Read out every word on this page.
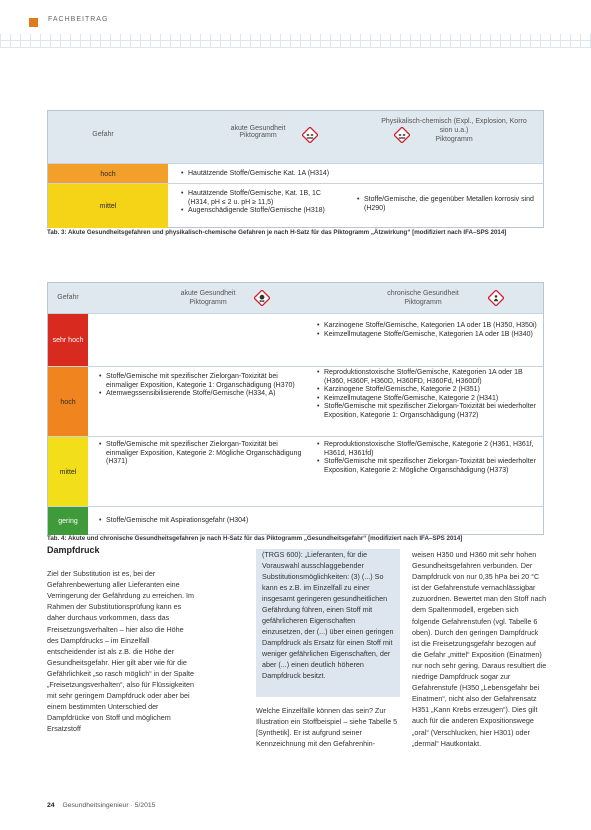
FACHBEITRAG
Gefahr
akute Gesundheit
Piktogramm
Physikalisch-chemisch (Expl., Explosion, Korro
sion u.a.)
Piktogramm
hoch	• Hautätzende Stoffe/Gemische Kat. 1A (H314)
mittel
• Hautätzende Stoffe/Gemische, Kat. 1B, 1C (H314, pH ≤ 2 u. pH ≥ 11,5)
• Augenschädigende Stoffe/Gemische (H318)
• Stoffe/Gemische, die gegenüber Metallen korrosiv sind (H290)
Tab. 3: Akute Gesundheitsgefahren und physikalisch-chemische Gefahren je nach H-Satz für das Piktogramm „Ätzwirkung“ [modifiziert nach IFA–SPS 2014]
Gefahr
akute Gesundheit
Piktogramm
chronische Gesundheit
Piktogramm
sehr hoch
• Karzinogene Stoffe/Gemische, Kategorien 1A oder 1B (H350, H350i)
• Keimzellmutagene Stoffe/Gemische, Kategorien 1A oder 1B (H340)
hoch
• Stoffe/Gemische mit spezifischer Zielorgan-Toxizität bei einmaliger Exposition, Kategorie 1: Organschädigung (H370)
• Atemwegssensibilisierende Stoffe/Gemische (H334, A)
• Reproduktionstoxische Stoffe/Gemische, Kategorien 1A oder 1B (H360, H360F, H360D, H360FD, H360Fd, H360Df)
• Karzinogene Stoffe/Gemische, Kategorie 2 (H351)
• Keimzellmutagene Stoffe/Gemische, Kategorie 2 (H341)
• Stoffe/Gemische mit spezifischer Zielorgan-Toxizität bei wiederholter Exposition, Kategorie 1: Organschädigung (H372)
mittel
• Stoffe/Gemische mit spezifischer Zielorgan-Toxizität bei einmaliger Exposition, Kategorie 2: Mögliche Organschädigung (H371)
• Reproduktionstoxische Stoffe/Gemische, Kategorie 2 (H361, H361f, H361d, H361fd)
• Stoffe/Gemische mit spezifischer Zielorgan-Toxizität bei wiederholter Exposition, Kategorie 2: Mögliche Organschädigung (H373)
gering	• Stoffe/Gemische mit Aspirationsgefahr (H304)
Tab. 4: Akute und chronische Gesundheitsgefahren je nach H-Satz für das Piktogramm „Gesundheitsgefahr“ [modifiziert nach IFA–SPS 2014]
Dampfdruck

Ziel der Substitution ist es, bei der Gefahrenbewertung aller Lieferanten eine Verringerung der Gefährdung zu erreichen. Im Rahmen der Substitutionsprüfung kann es daher durchaus vorkommen, dass das Freisetzungsverhalten – hier also die Höhe des Dampfdrucks – im Einzelfall entscheidender ist als z.B. die Höhe der Gesundheitsgefahr. Hier gilt aber wie für die Gefährlichkeit „so rasch möglich“ in der Spalte „Freisetzungsverhalten“, also für Flüssigkeiten mit sehr geringem Dampfdruck oder aber bei einem bestimmten Unterschied der Dampfdrücke von Stoff und möglichem Ersatzstoff

(TRGS 600): „Lieferanten, für die Vorauswahl ausschlaggebender Substitutionsmöglichkeiten: (3) (...) So kann es z.B. im Einzelfall zu einer insgesamt geringeren gesundheitlichen Gefährdung führen, einen Stoff mit gefährlicheren Eigenschaften einzusetzen, der (...) über einen geringen Dampfdruck als Ersatz für einen Stoff mit weniger gefährlichen Eigenschaften, der aber (...) einen deutlich höheren Dampfdruck besitzt.

Welche Einzelfälle können das sein? Zur Illustration ein Stoffbeispiel – siehe Tabelle 5 [Synthetik]. Er ist aufgrund seiner Kennzeichnung mit den Gefahrenhin-

weisen H350 und H360 mit sehr hohen Gesundheitsgefahren verbunden. Der Dampfdruck von nur 0,35 hPa bei 20 °C ist der Gefahrenstufe vernachlässigbar zuzuordnen. Bewertet man den Stoff nach dem Spaltenmodell, ergeben sich folgende Gefahrenstufen (vgl. Tabelle 6 oben). Durch den geringen Dampfdruck ist die Freisetzungsgefahr bezogen auf die Gefahr „mittel“ Exposition (Einatmen) nur noch sehr gering. Daraus resultiert die niedrige Dampfdruck sogar zur Gefahrenstufe (H350 „Lebensgefahr bei Einatmen“, nicht also der Gefahrensatz H351 „Kann Krebs erzeugen“). Dies gilt auch für die anderen Expositionswege „oral“ (Verschlucken, hier H301) oder „dermal“ Hautkontakt.

24 Gesundheitsingenieur · 5/2015
